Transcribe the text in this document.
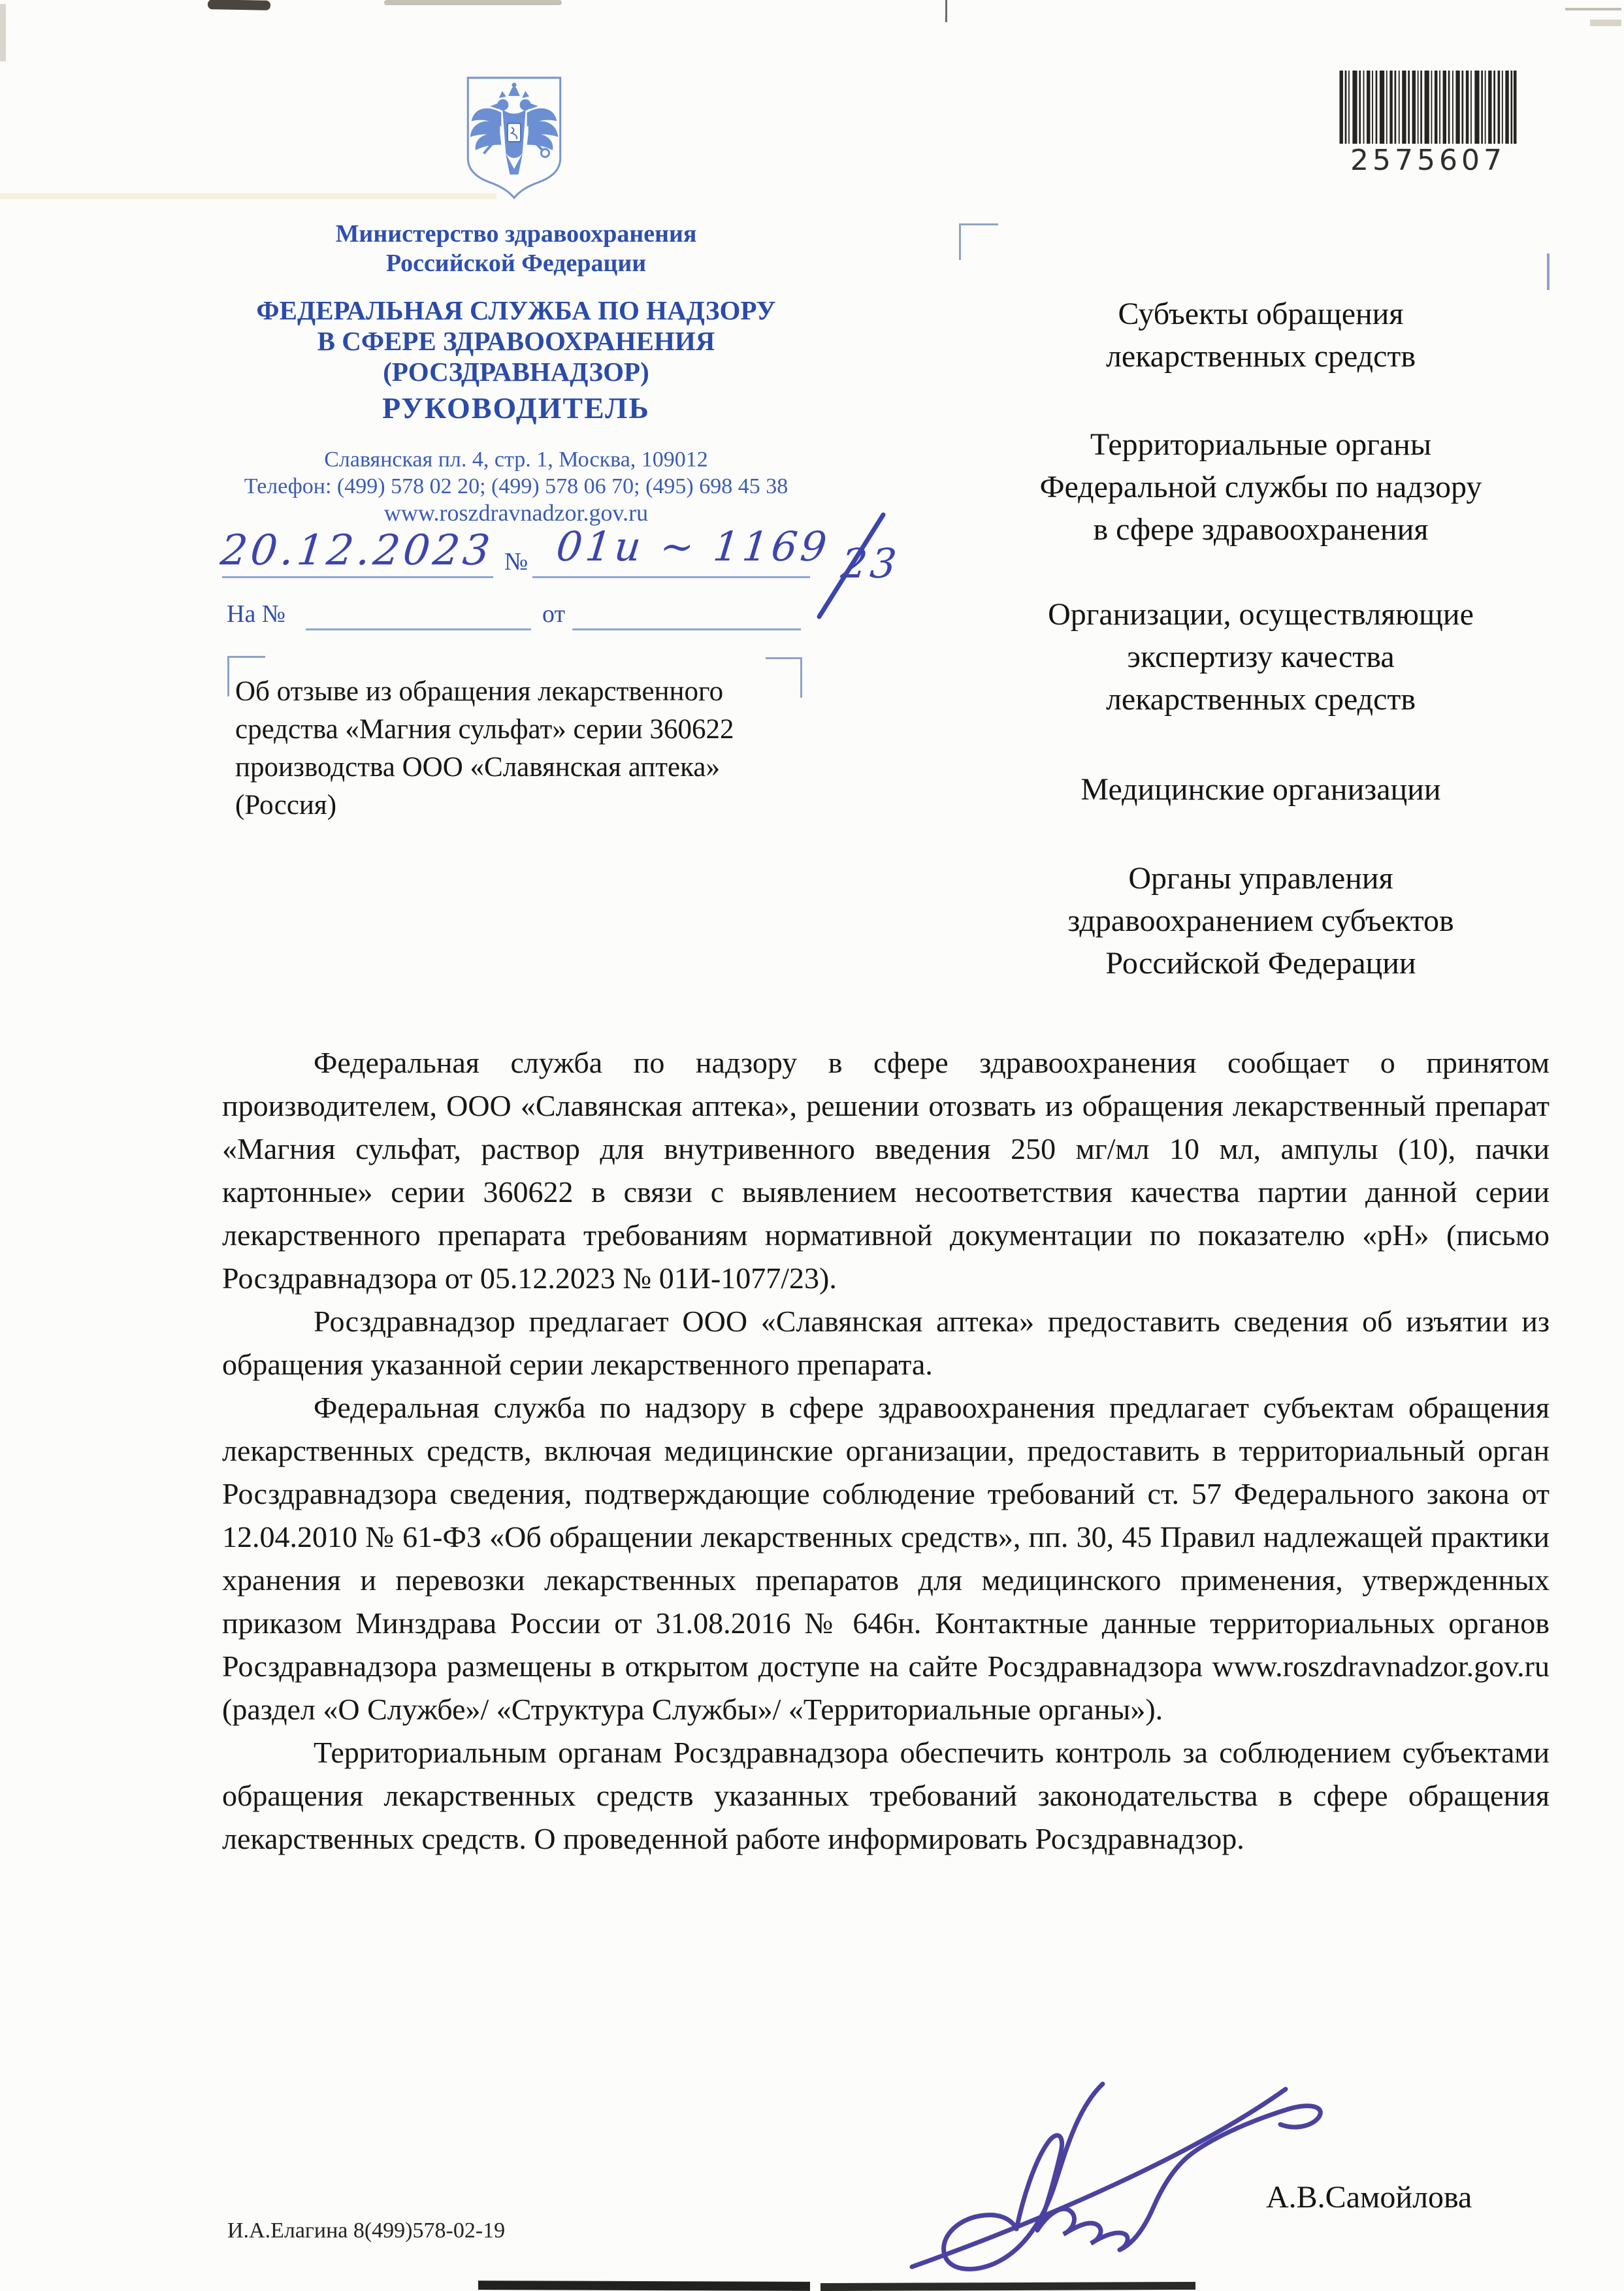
2575607
Министерство здравоохранения
Российской Федерации
ФЕДЕРАЛЬНАЯ СЛУЖБА ПО НАДЗОРУ
В СФЕРЕ ЗДРАВООХРАНЕНИЯ
(РОСЗДРАВНАДЗОР)
РУКОВОДИТЕЛЬ
Славянская пл. 4, стр. 1, Москва, 109012
Телефон: (499) 578 02 20; (499) 578 06 70; (495) 698 45 38
www.roszdravnadzor.gov.ru
20.12.2023 № 01и ~ 1169 23
На №	от
Об отзыве из обращения лекарственного
средства «Магния сульфат» серии 360622
производства ООО «Славянская аптека»
(Россия)
Субъекты обращения
лекарственных средств
Территориальные органы
Федеральной службы по надзору
в сфере здравоохранения
Организации, осуществляющие
экспертизу качества
лекарственных средств
Медицинские организации
Органы управления
здравоохранением субъектов
Российской Федерации

Федеральная служба по надзору в сфере здравоохранения сообщает о принятом производителем, ООО «Славянская аптека», решении отозвать из обращения лекарственный препарат «Магния сульфат, раствор для внутривенного введения 250 мг/мл 10 мл, ампулы (10), пачки картонные» серии 360622 в связи с выявлением несоответствия качества партии данной серии лекарственного препарата требованиям нормативной документации по показателю «рН» (письмо Росздравнадзора от 05.12.2023 № 01И-1077/23).

Росздравнадзор предлагает ООО «Славянская аптека» предоставить сведения об изъятии из обращения указанной серии лекарственного препарата.

Федеральная служба по надзору в сфере здравоохранения предлагает субъектам обращения лекарственных средств, включая медицинские организации, предоставить в территориальный орган Росздравнадзора сведения, подтверждающие соблюдение требований ст. 57 Федерального закона от 12.04.2010 № 61-ФЗ «Об обращении лекарственных средств», пп. 30, 45 Правил надлежащей практики хранения и перевозки лекарственных препаратов для медицинского применения, утвержденных приказом Минздрава России от 31.08.2016 № 646н. Контактные данные территориальных органов Росздравнадзора размещены в открытом доступе на сайте Росздравнадзора www.roszdravnadzor.gov.ru (раздел «О Службе»/ «Структура Службы»/ «Территориальные органы»).

Территориальным органам Росздравнадзора обеспечить контроль за соблюдением субъектами обращения лекарственных средств указанных требований законодательства в сфере обращения лекарственных средств. О проведенной работе информировать Росздравнадзор.

А.В.Самойлова
И.А.Елагина 8(499)578-02-19
